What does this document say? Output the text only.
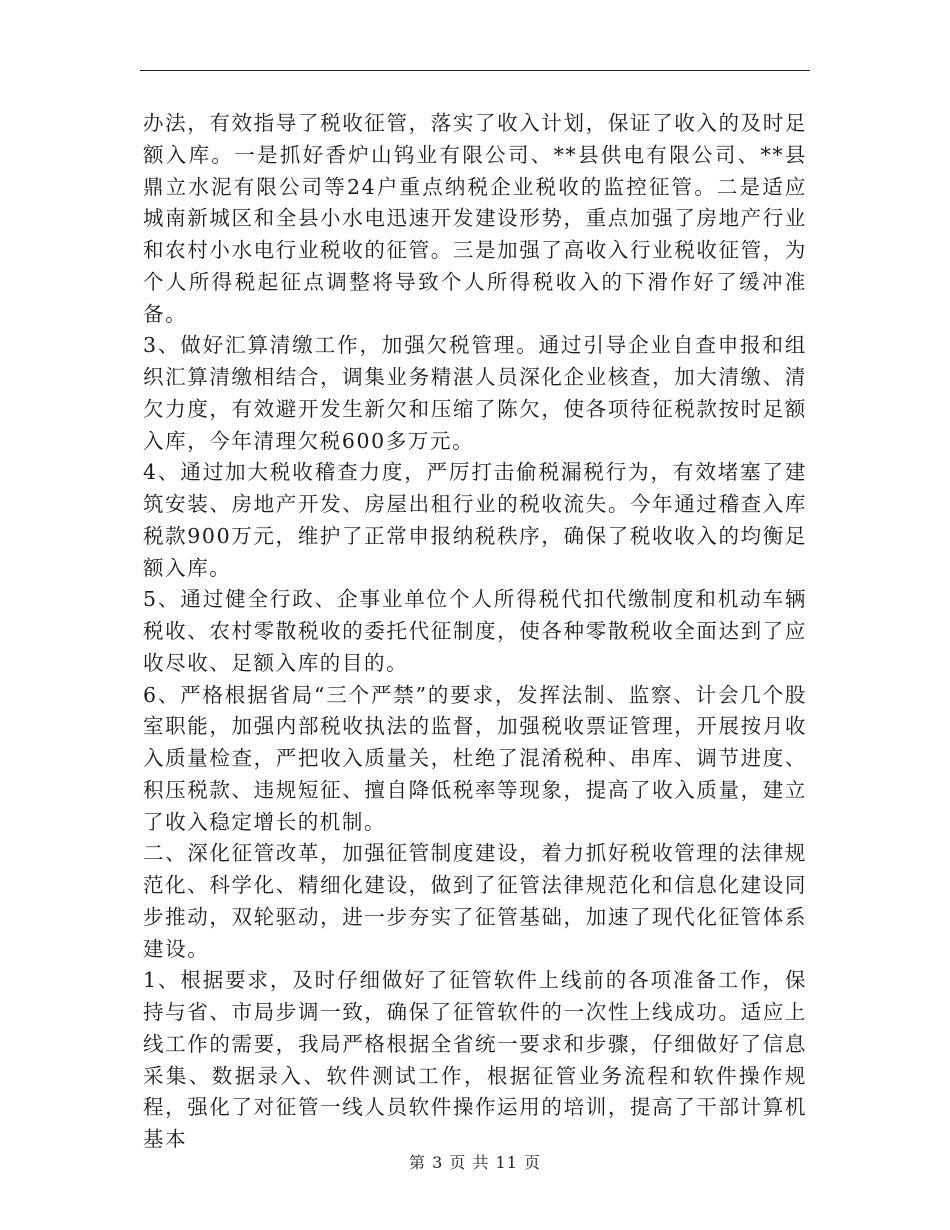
办法，有效指导了税收征管，落实了收入计划，保证了收入的及时足额入库。一是抓好香炉山钨业有限公司、**县供电有限公司、**县鼎立水泥有限公司等24户重点纳税企业税收的监控征管。二是适应城南新城区和全县小水电迅速开发建设形势，重点加强了房地产行业和农村小水电行业税收的征管。三是加强了高收入行业税收征管，为个人所得税起征点调整将导致个人所得税收入的下滑作好了缓冲准备。

3、做好汇算清缴工作，加强欠税管理。通过引导企业自查申报和组织汇算清缴相结合，调集业务精湛人员深化企业核查，加大清缴、清欠力度，有效避开发生新欠和压缩了陈欠，使各项待征税款按时足额入库，今年清理欠税600多万元。

4、通过加大税收稽查力度，严厉打击偷税漏税行为，有效堵塞了建筑安装、房地产开发、房屋出租行业的税收流失。今年通过稽查入库税款900万元，维护了正常申报纳税秩序，确保了税收收入的均衡足额入库。

5、通过健全行政、企事业单位个人所得税代扣代缴制度和机动车辆税收、农村零散税收的委托代征制度，使各种零散税收全面达到了应收尽收、足额入库的目的。

6、严格根据省局“三个严禁”的要求，发挥法制、监察、计会几个股室职能，加强内部税收执法的监督，加强税收票证管理，开展按月收入质量检查，严把收入质量关，杜绝了混淆税种、串库、调节进度、积压税款、违规短征、擅自降低税率等现象，提高了收入质量，建立了收入稳定增长的机制。

二、深化征管改革，加强征管制度建设，着力抓好税收管理的法律规范化、科学化、精细化建设，做到了征管法律规范化和信息化建设同步推动，双轮驱动，进一步夯实了征管基础，加速了现代化征管体系建设。

1、根据要求，及时仔细做好了征管软件上线前的各项准备工作，保持与省、市局步调一致，确保了征管软件的一次性上线成功。适应上线工作的需要，我局严格根据全省统一要求和步骤，仔细做好了信息采集、数据录入、软件测试工作，根据征管业务流程和软件操作规程，强化了对征管一线人员软件操作运用的培训，提高了干部计算机基本

第 3 页 共 11 页
